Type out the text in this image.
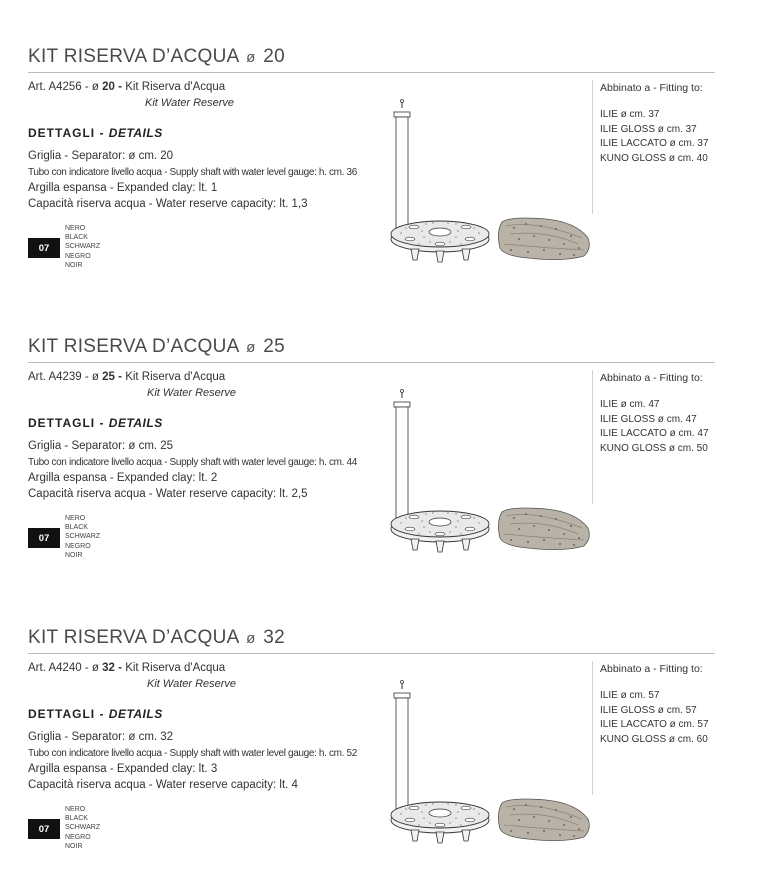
KIT RISERVA D’ACQUA ø 20
Art. A4256 - ø 20 - Kit Riserva d'Acqua
Kit Water Reserve
DETTAGLI - DETAILS
Griglia - Separator: ø cm. 20
Tubo con indicatore livello acqua - Supply shaft with water level gauge: h. cm. 36
Argilla espansa - Expanded clay: lt. 1
Capacità riserva acqua - Water reserve capacity: lt. 1,3
07
NERO
BLACK
SCHWARZ
NEGRO
NOIR
Abbinato a - Fitting to:
ILIE ø cm. 37
ILIE GLOSS ø cm. 37
ILIE LACCATO ø cm. 37
KUNO GLOSS ø cm. 40
KIT RISERVA D’ACQUA ø 25
Art. A4239 - ø 25 - Kit Riserva d'Acqua
Kit Water Reserve
DETTAGLI - DETAILS
Griglia - Separator: ø cm. 25
Tubo con indicatore livello acqua - Supply shaft with water level gauge: h. cm. 44
Argilla espansa - Expanded clay: lt. 2
Capacità riserva acqua - Water reserve capacity: lt. 2,5
07
NERO
BLACK
SCHWARZ
NEGRO
NOIR
Abbinato a - Fitting to:
ILIE ø cm. 47
ILIE GLOSS ø cm. 47
ILIE LACCATO ø cm. 47
KUNO GLOSS ø cm. 50
KIT RISERVA D’ACQUA ø 32
Art. A4240 - ø 32 - Kit Riserva d'Acqua
Kit Water Reserve
DETTAGLI - DETAILS
Griglia - Separator: ø cm. 32
Tubo con indicatore livello acqua - Supply shaft with water level gauge: h. cm. 52
Argilla espansa - Expanded clay: lt. 3
Capacità riserva acqua - Water reserve capacity: lt. 4
07
NERO
BLACK
SCHWARZ
NEGRO
NOIR
Abbinato a - Fitting to:
ILIE ø cm. 57
ILIE GLOSS ø cm. 57
ILIE LACCATO ø cm. 57
KUNO GLOSS ø cm. 60
